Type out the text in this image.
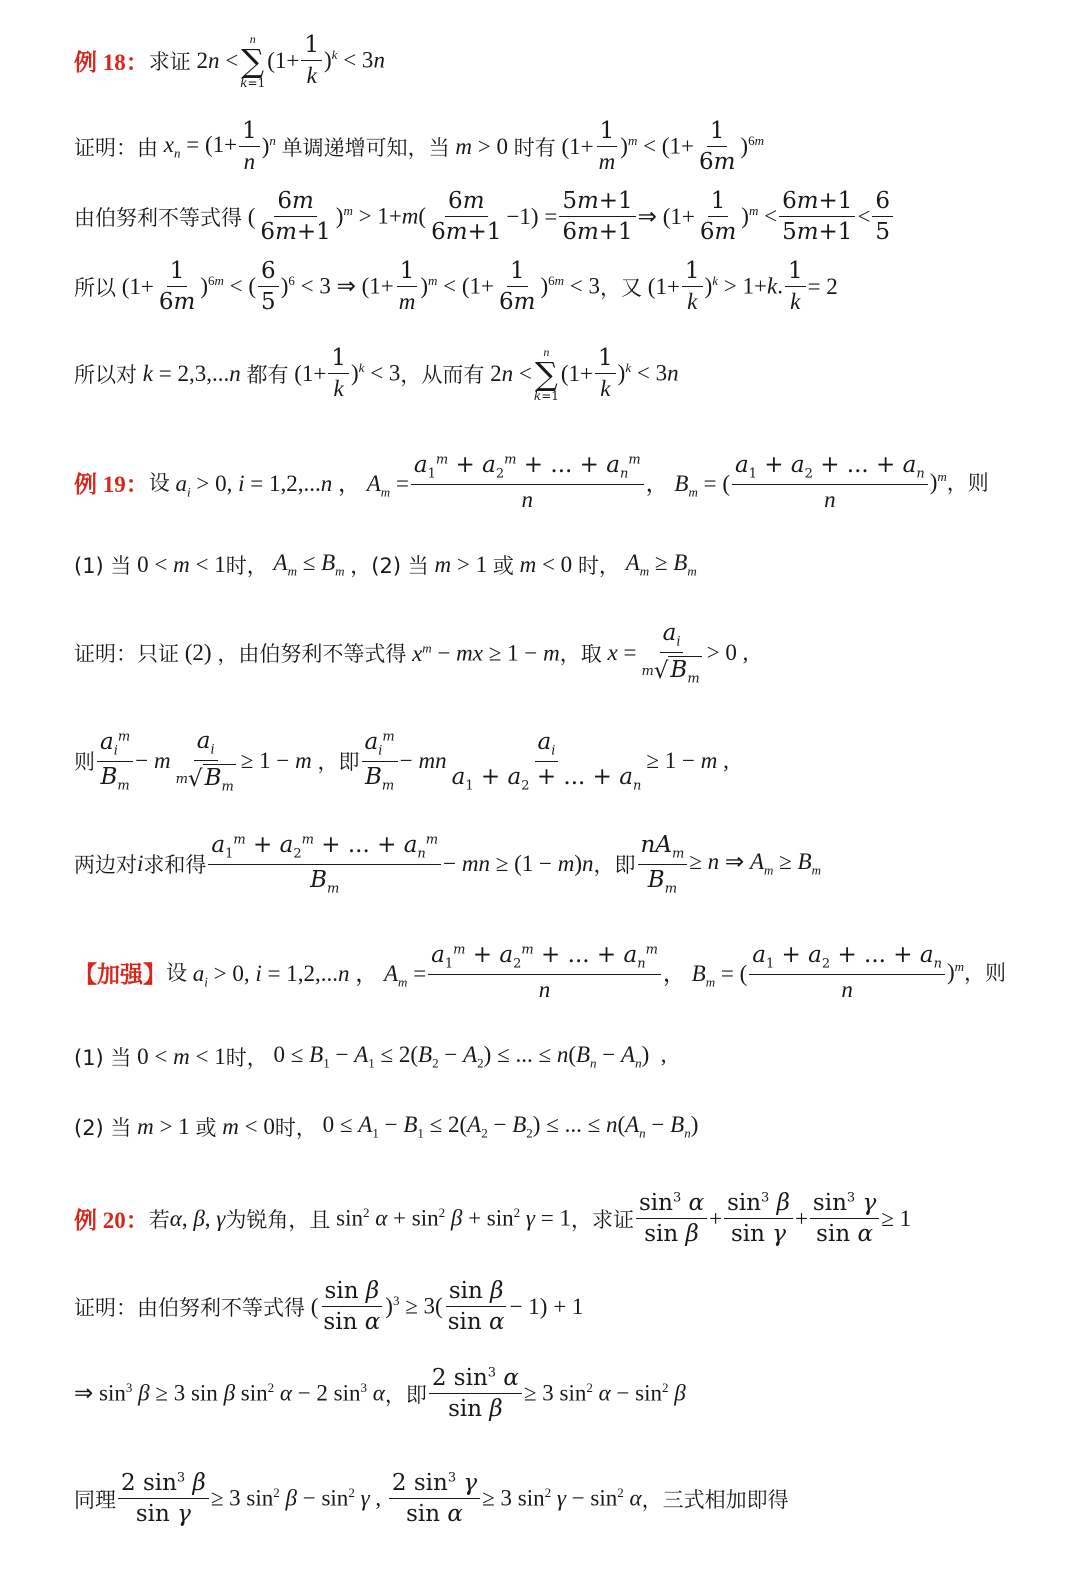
例 18： 求证 2n <
n
∑
k=1
$(1+ \frac{1}{k} )^k < 3n$
证明：由 $x_n = (1+ \frac{1}{n} )^n$ 单调递增可知，当 m > 0 时有 $(1+ \frac{1}{m} )^m < (1+ \frac{1}{6m} )^{6m}$
由伯努利不等式得 ( $\frac{6m}{6m+1} )^m > 1+m( \frac{6m}{6m+1} -1) = \frac{5m+1}{6m+1}$ ⇒ $(1+ \frac{1}{6m} )^m < \frac{6m+1}{5m+1} < \frac{6}{5}$
所以 $(1+ \frac{1}{6m} )^{6m}$ < ( $\frac{6}{5} )^6 < 3$ ⇒ $(1+ \frac{1}{m} )^m < (1+ \frac{1}{6m} )^{6m} < 3$ ，又 $(1+ \frac{1}{k} )^k > 1+k$. $\frac{1}{k} = 2$
所以对 k = 2,3,...n 都有 $(1+ \frac{1}{k} )^k < 3$ ，从而有 2n <
n
∑
k=1
$(1+ \frac{1}{k} )^k < 3n$
例 19： 设 $a_i > 0$, i = 1,2,...n ， $A_m = \frac{a_1^m + a_2^m + ... + a_n^m}{n}$ ， $B_m$ = ( $\frac{a_1 + a_2 + ... + a_n}{n} )^m$ ，则
(1) 当 0 < m < 1 时， $A_m \le B_m$ ，(2) 当 m > 1 或 m < 0 时， $A_m \ge B_m$
证明：只证 (2) ，由伯努利不等式得 $x^m$ − mx ≥ 1 − m ，取 $x = \frac{a_i}{m √ B_m} > 0$ ,
则 $\frac{a_i^m}{B_m} - m \frac{a_i}{m √ B_m} \ge 1 - m$ ，即 $\frac{a_i^m}{B_m}$ − mn $\frac{a_i}{a_1 + a_2 + ... + a_n} \ge 1 - m$ ,
两边对 i 求和得 $\frac{a_1^m + a_2^m + ... + a_n^m}{B_m}$ − mn ≥ (1 − m)n ，即 $\frac{nA_m}{B_m} \ge n$ ⇒ $A_m \ge B_m$
【加强】 设 $a_i > 0$, i = 1,2,...n ， $A_m = \frac{a_1^m + a_2^m + ... + a_n^m}{n}$ ， $B_m$ = ( $\frac{a_1 + a_2 + ... + a_n}{n} )^m$ ，则
(1) 当 0 < m < 1 时， $0 \le B_1 - A_1 \le 2(B_2 - A_2)$ ≤ ... ≤ $n(B_n - A_n)$  ,
(2) 当 m > 1 或 m < 0 时， $0 \le A_1 - B_1 \le 2(A_2 - B_2)$ ≤ ... ≤ $n(A_n - B_n)$
例 20： 若 α, β, γ 为锐角，且 $\sin^2 \alpha + \sin^2 \beta + \sin^2 \gamma = 1$ ，求证 $\frac{\sin^3 \alpha}{\text{sin β}} + \frac{\sin^3 \beta}{\text{sin γ}} + \frac{\sin^3 \gamma}{\text{sin α}} \ge 1$
证明：由伯努利不等式得 ( $\frac{\text{sin β}}{\text{sin α}} )^3 \ge 3( \frac{\text{sin β}}{\text{sin α}} - 1) + 1$
⇒ $\sin^3 \beta \ge 3$ sin β $\sin^2 \alpha - 2$ $\sin^3 \alpha$ ，即 $\frac{2 \sin^3 \alpha}{\text{sin β}} \ge 3$ $\sin^2 \alpha - \sin^2 \beta$
同理 $\frac{2 \sin^3 \beta}{\text{sin γ}} \ge 3$ $\sin^2 \beta - \sin^2 \gamma$ , $\frac{2 \sin^3 \gamma}{\text{sin α}} \ge 3$ $\sin^2 \gamma - \sin^2 \alpha$ ，三式相加即得
